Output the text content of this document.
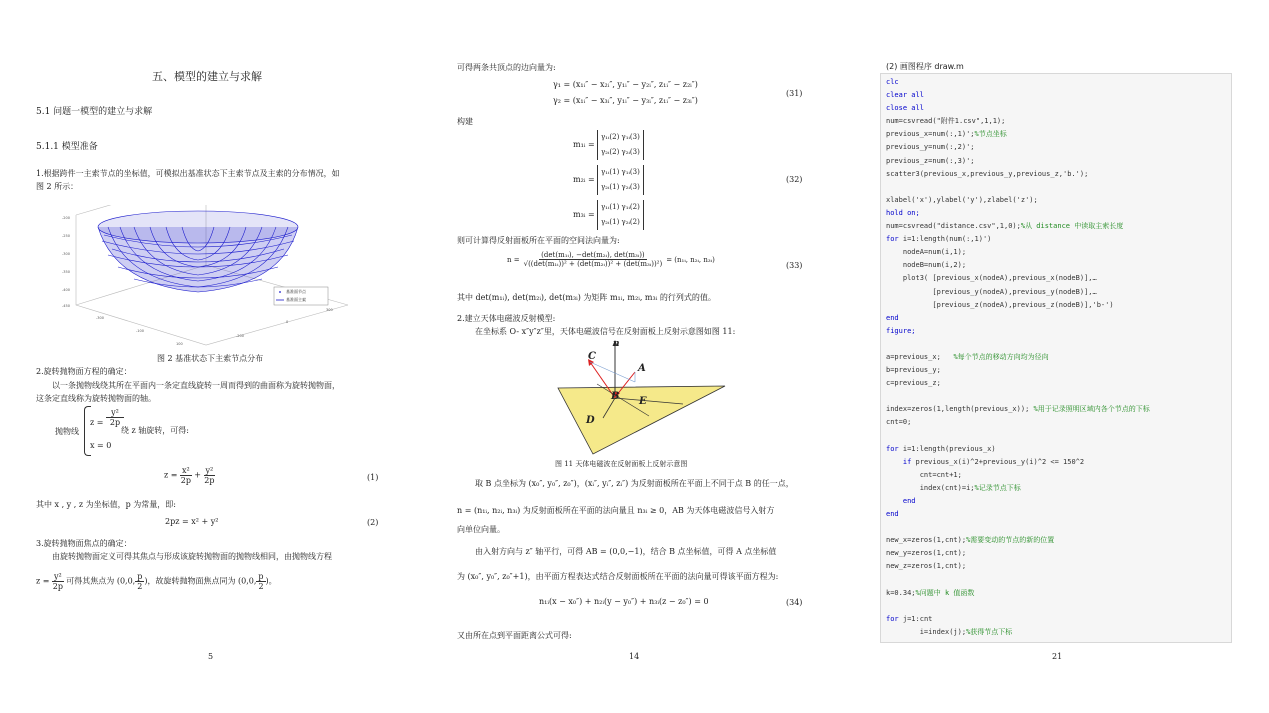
五、模型的建立与求解
5.1 问题一模型的建立与求解
5.1.1 模型准备
1.根据跨件一主索节点的坐标值，可模拟出基准状态下主索节点及主索的分布情况，如
图 2 所示：
-200
-250
-300
-350
-400
-450
-300
-100
100
-200
0
300
基准面节点
基准面主索
图 2 基准状态下主索节点分布
2.旋转抛物面方程的确定：
以一条抛物线绕其所在平面内一条定直线旋转一周而得到的曲面称为旋转抛物面，
这条定直线称为旋转抛物面的轴。
抛物线
z =
y²
2p
绕 z 轴旋转，可得:
x = 0
$z = \frac{\text{x²}}{2p} + \frac{\text{y²}}{2p}$	(1)
其中 x , y , z 为坐标值，p 为常量，即:
2pz = x² + y²	(2)
3.旋转抛物面焦点的确定：
由旋转抛物面定义可得其焦点与形成该旋转抛物面的抛物线相同，由抛物线方程
$z = \frac{\text{y²}}{2p}$ 可得其焦点为 (0,0, $\frac{p}{2}$ )，故旋转抛物面焦点同为 (0,0, $\frac{p}{2}$ )。
5
可得两条共顶点的边向量为:
γ₁ = (x₁ᵢ″ − x₂ᵢ″, y₁ᵢ″ − y₂ᵢ″, z₁ᵢ″ − z₂ᵢ″)
γ₂ = (x₁ᵢ″ − x₃ᵢ″, y₁ᵢ″ − y₃ᵢ″, z₁ᵢ″ − z₃ᵢ″)
(31)
构建
m₁ᵢ =
γ₁ᵢ(2) γ₁ᵢ(3)
γ₂ᵢ(2) γ₂ᵢ(3)
m₂ᵢ =
γ₁ᵢ(1) γ₁ᵢ(3)
γ₂ᵢ(1) γ₂ᵢ(3)
m₃ᵢ =
γ₁ᵢ(1) γ₁ᵢ(2)
γ₂ᵢ(1) γ₂ᵢ(2)
(32)
则可计算得反射面板所在平面的空间法向量为:
$n = \frac{\text{(det(m₁ᵢ), −det(m₂ᵢ), det(m₃ᵢ))}}{\text{√((det(m₁ᵢ))² + (det(m₂ᵢ))² + (det(m₃ᵢ))²)}}$ = (n₁ᵢ, n₂ᵢ, n₃ᵢ)
(33)
其中 det(m₁ᵢ), det(m₂ᵢ), det(m₃ᵢ) 为矩阵 m₁ᵢ, m₂ᵢ, m₃ᵢ 的行列式的值。
2.建立天体电磁波反射模型:
在坐标系 O- x″y″z″里，天体电磁波信号在反射面板上反射示意图如图 11:
n
C
A
B E
D
图 11 天体电磁波在反射面板上反射示意图
取 B 点坐标为 (x₀″, y₀″, z₀″)，(xᵢ″, yᵢ″, zᵢ″) 为反射面板所在平面上不同于点 B 的任一点，
n = (n₁ᵢ, n₂ᵢ, n₃ᵢ) 为反射面板所在平面的法向量且 n₃ᵢ ≥ 0，AB 为天体电磁波信号入射方
向单位向量。
由入射方向与 z″ 轴平行，可得 AB = (0,0,−1)，结合 B 点坐标值，可得 A 点坐标值
为 (x₀″, y₀″, z₀″+1)，由平面方程表达式结合反射面板所在平面的法向量可得该平面方程为:
n₁ᵢ(x − x₀″) + n₂ᵢ(y − y₀″) + n₃ᵢ(z − z₀″) = 0	(34)
又由所在点到平面距离公式可得:
14
(2) 画图程序 draw.m
21
clc
clear all
close all
num=csvread("附件1.csv",1,1);
previous_x=num(:,1)';%节点坐标
previous_y=num(:,2)';
previous_z=num(:,3)';
scatter3(previous_x,previous_y,previous_z,'b.');
xlabel('x'),ylabel('y'),zlabel('z');
hold on;
num=csvread("distance.csv",1,0);%从 distance 中读取主索长度
for i=1:length(num(:,1)')
nodeA=num(i,1);
nodeB=num(i,2);
plot3( [previous_x(nodeA),previous_x(nodeB)],…
[previous_y(nodeA),previous_y(nodeB)],…
[previous_z(nodeA),previous_z(nodeB)],'b-')
end
figure;
a=previous_x;   %每个节点的移动方向均为径向
b=previous_y;
c=previous_z;
index=zeros(1,length(previous_x)); %用于记录照明区域内各个节点的下标
cnt=0;
for i=1:length(previous_x)
if previous_x(i)^2+previous_y(i)^2 <= 150^2
cnt=cnt+1;
index(cnt)=i;%记录节点下标
end
end
new_x=zeros(1,cnt);%需要变动的节点的新的位置
new_y=zeros(1,cnt);
new_z=zeros(1,cnt);
k=0.34;%问题中 k 值函数
for j=1:cnt
i=index(j);%获得节点下标
